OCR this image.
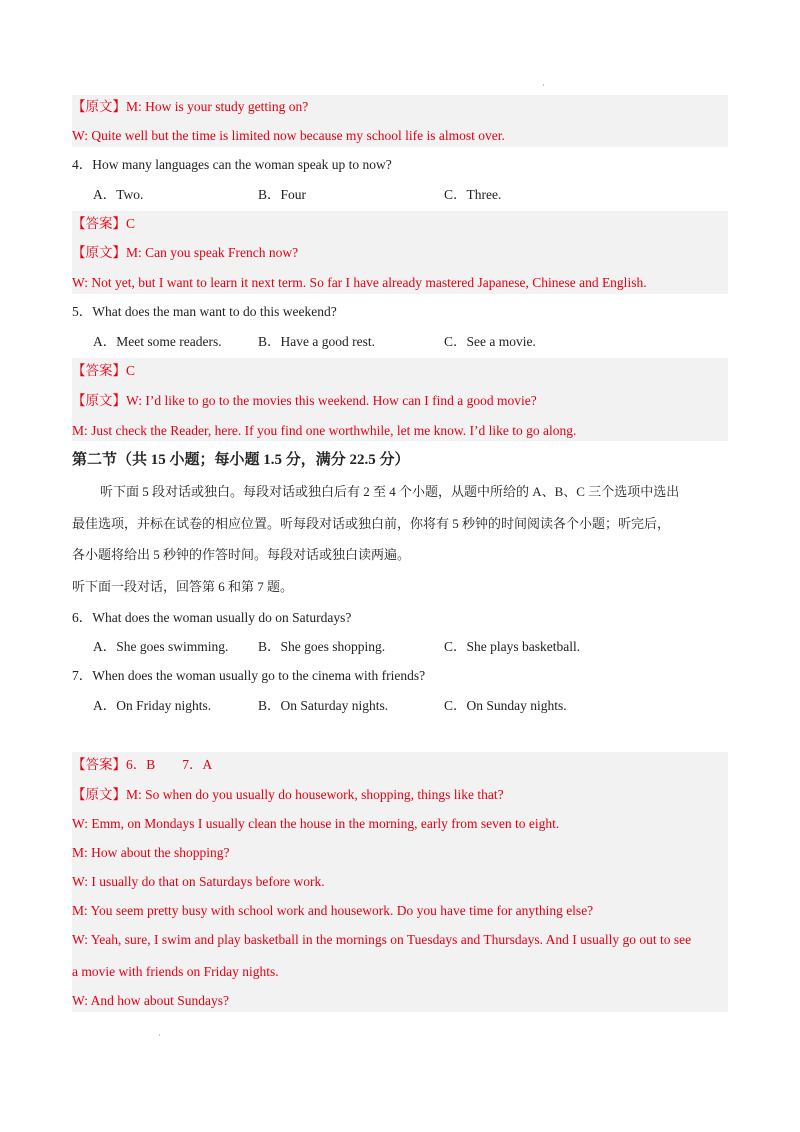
·
·
【原文】M: How is your study getting on?
W: Quite well but the time is limited now because my school life is almost over.
4．How many languages can the woman speak up to now?
A．Two.	B．Four	C．Three.
【答案】C
【原文】M: Can you speak French now?
W: Not yet, but I want to learn it next term. So far I have already mastered Japanese, Chinese and English.
5．What does the man want to do this weekend?
A．Meet some readers.	B．Have a good rest.	C．See a movie.
【答案】C
【原文】W: I’d like to go to the movies this weekend. How can I find a good movie?
M: Just check the Reader, here. If you find one worthwhile, let me know. I’d like to go along.
第二节（共 15 小题；每小题 1.5 分，满分 22.5 分）
听下面 5 段对话或独白。每段对话或独白后有 2 至 4 个小题，从题中所给的 A、B、C 三个选项中选出
最佳选项，并标在试卷的相应位置。听每段对话或独白前，你将有 5 秒钟的时间阅读各个小题；听完后，
各小题将给出 5 秒钟的作答时间。每段对话或独白读两遍。
听下面一段对话，回答第 6 和第 7 题。
6．What does the woman usually do on Saturdays?
A．She goes swimming. B．She goes shopping.	C．She plays basketball.
7．When does the woman usually go to the cinema with friends?
A．On Friday nights.	B．On Saturday nights.	C．On Sunday nights.
【答案】6．B        7．A
【原文】M: So when do you usually do housework, shopping, things like that?
W: Emm, on Mondays I usually clean the house in the morning, early from seven to eight.
M: How about the shopping?
W: I usually do that on Saturdays before work.
M: You seem pretty busy with school work and housework. Do you have time for anything else?
W: Yeah, sure, I swim and play basketball in the mornings on Tuesdays and Thursdays. And I usually go out to see
a movie with friends on Friday nights.
W: And how about Sundays?
